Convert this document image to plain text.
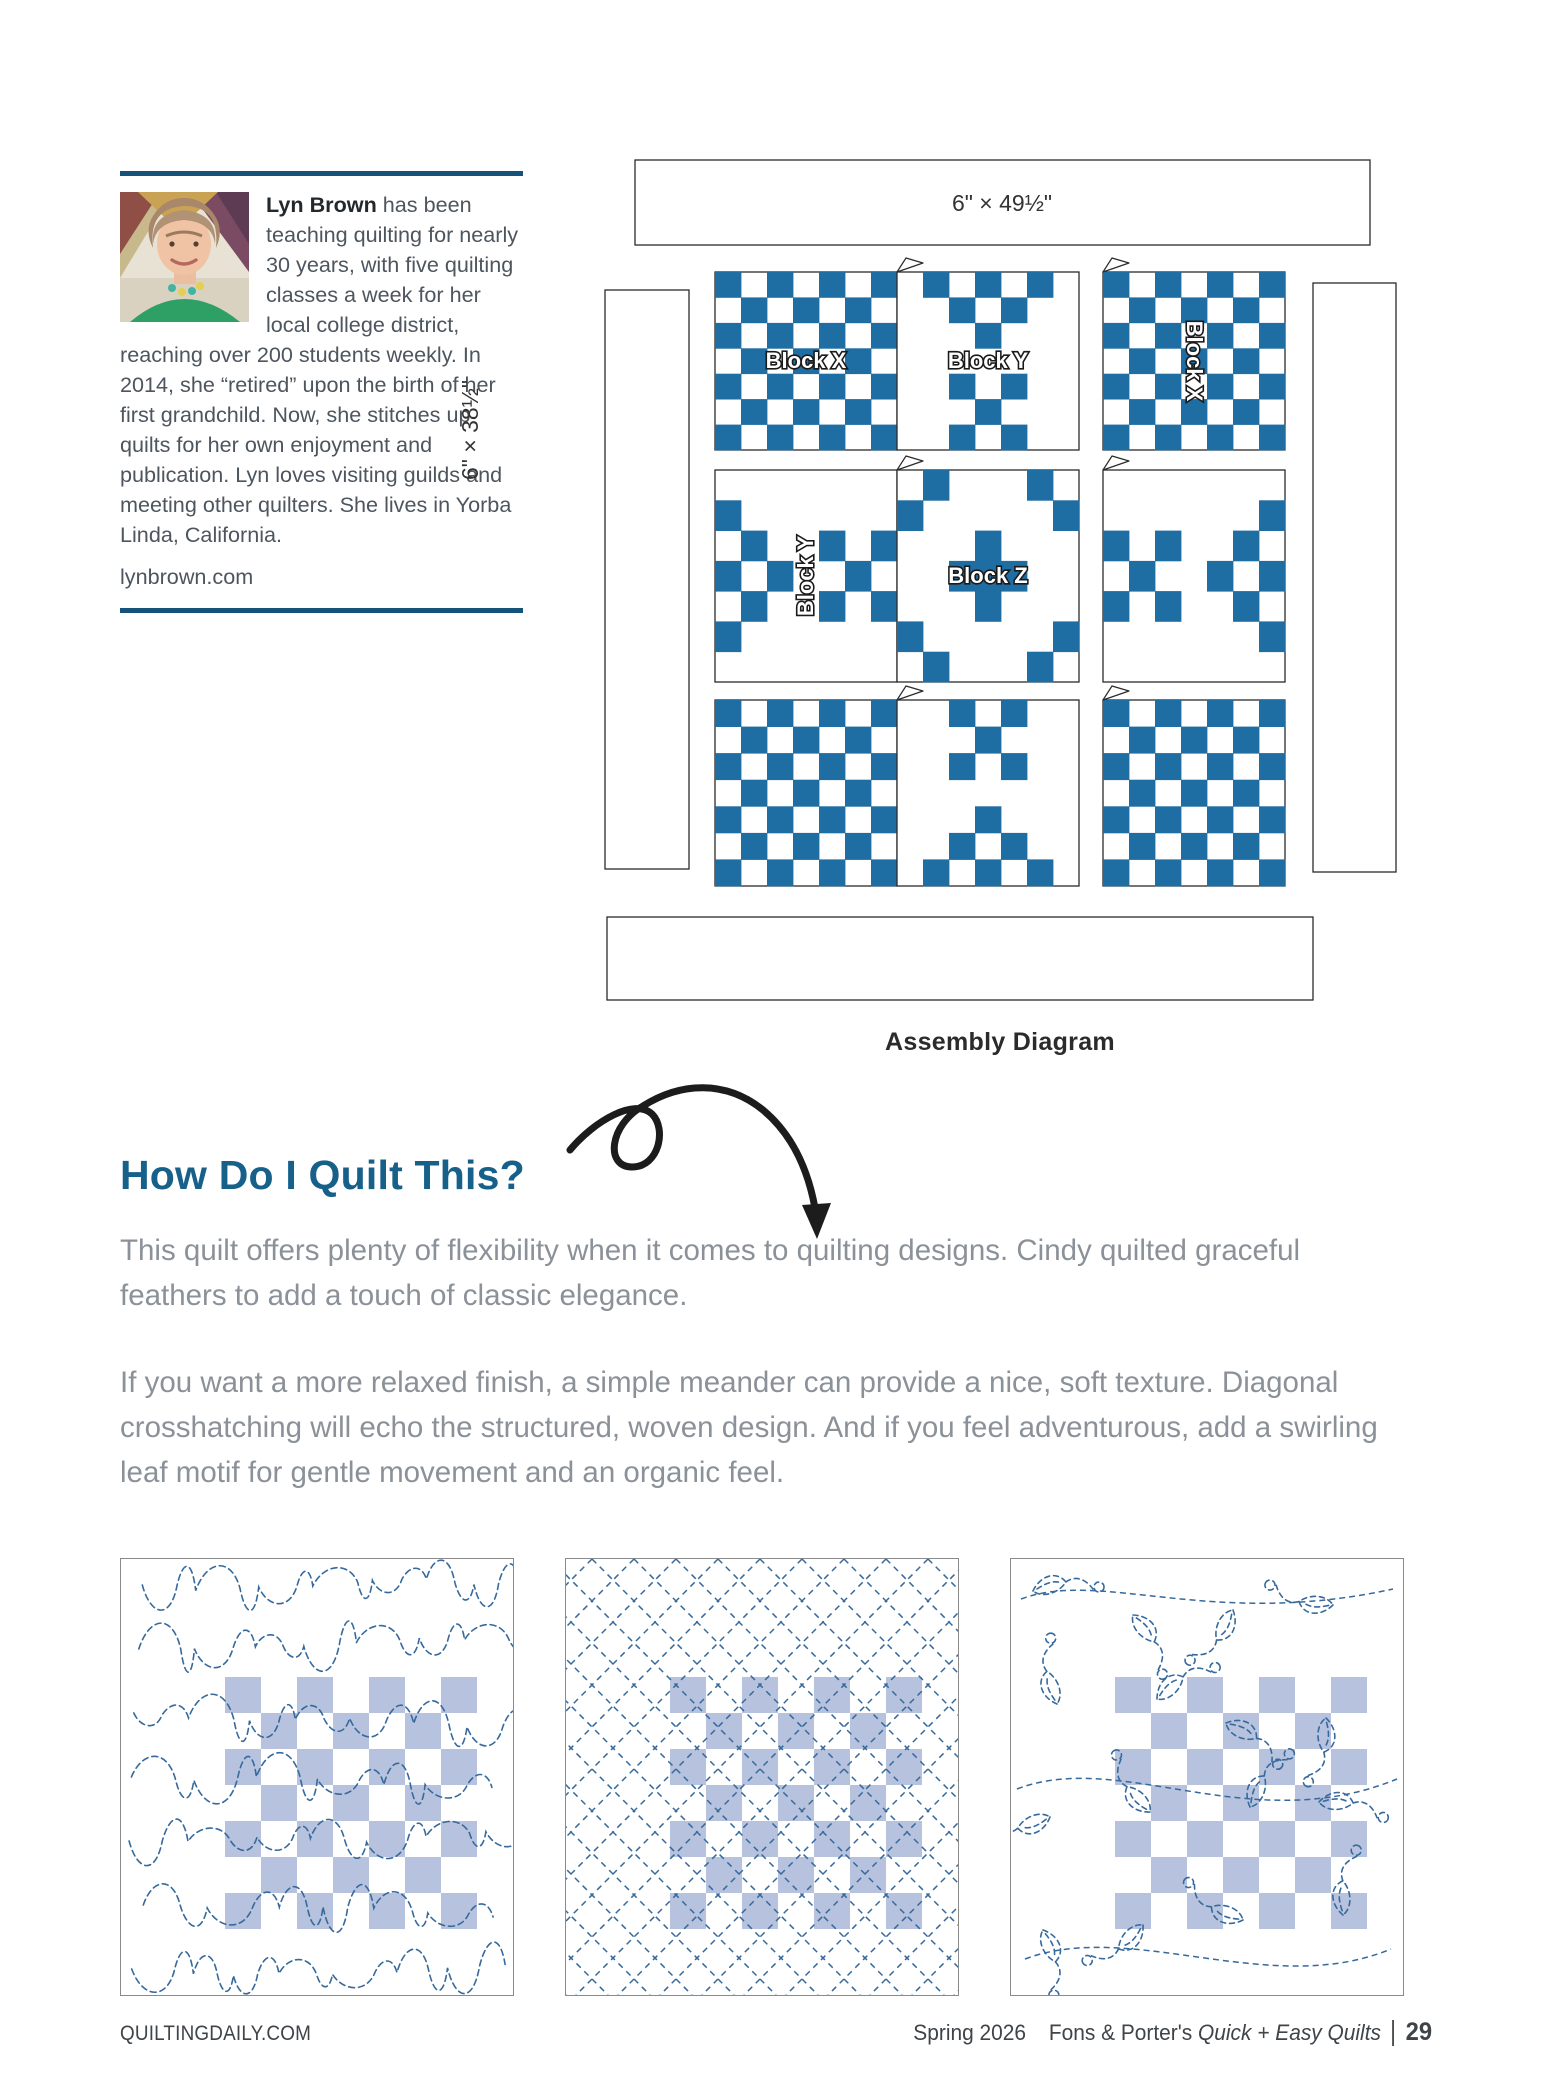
Lyn Brown has been teaching quilting for nearly 30 years, with five quilting classes a week for her local college district, reaching over 200 students weekly. In 2014, she “retired” upon the birth of her first grandchild. Now, she stitches up quilts for her own enjoyment and publication. Lyn loves visiting guilds and meeting other quilters. She lives in Yorba Linda, California.

lynbrown.com

6" × 49½"
6" × 38½"
Block X	Block Y	Block X
Block Y	Block Z
Assembly Diagram
How Do I Quilt This?

This quilt offers plenty of flexibility when it comes to quilting designs. Cindy quilted graceful feathers to add a touch of classic elegance.

If you want a more relaxed finish, a simple meander can provide a nice, soft texture. Diagonal crosshatching will echo the structured, woven design. And if you feel adventurous, add a swirling leaf motif for gentle movement and an organic feel.

QUILTINGDAILY.COM	Spring 2026 Fons & Porter's
Quick + Easy Quilts 29
